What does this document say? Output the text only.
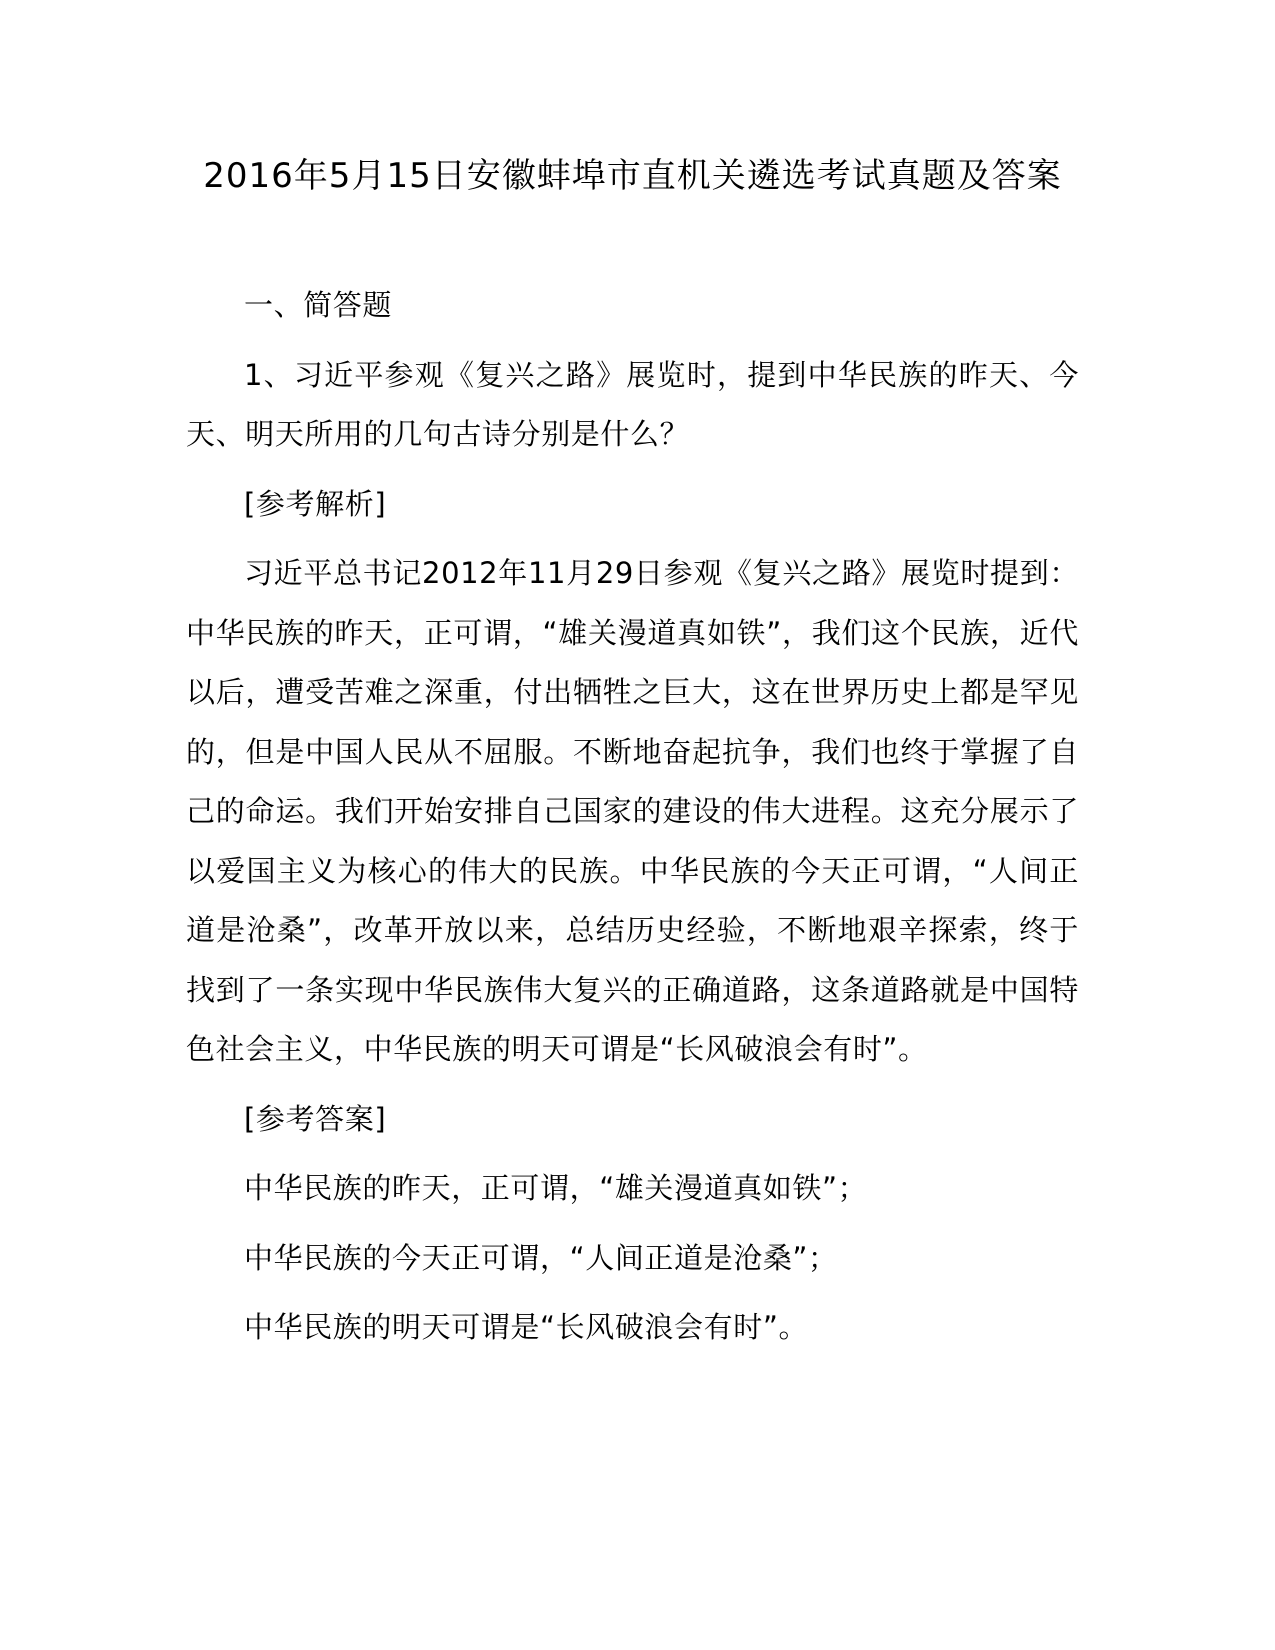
2016年5月15日安徽蚌埠市直机关遴选考试真题及答案

一、简答题

1、习近平参观《复兴之路》展览时，提到中华民族的昨天、今天、明天所用的几句古诗分别是什么？

[参考解析]

习近平总书记2012年11月29日参观《复兴之路》展览时提到：中华民族的昨天，正可谓，“雄关漫道真如铁”，我们这个民族，近代以后，遭受苦难之深重，付出牺牲之巨大，这在世界历史上都是罕见的，但是中国人民从不屈服。不断地奋起抗争，我们也终于掌握了自己的命运。我们开始安排自己国家的建设的伟大进程。这充分展示了以爱国主义为核心的伟大的民族。中华民族的今天正可谓，“人间正道是沧桑”，改革开放以来，总结历史经验，不断地艰辛探索，终于找到了一条实现中华民族伟大复兴的正确道路，这条道路就是中国特色社会主义，中华民族的明天可谓是“长风破浪会有时”。

[参考答案]

中华民族的昨天，正可谓，“雄关漫道真如铁”；

中华民族的今天正可谓，“人间正道是沧桑”；

中华民族的明天可谓是“长风破浪会有时”。
